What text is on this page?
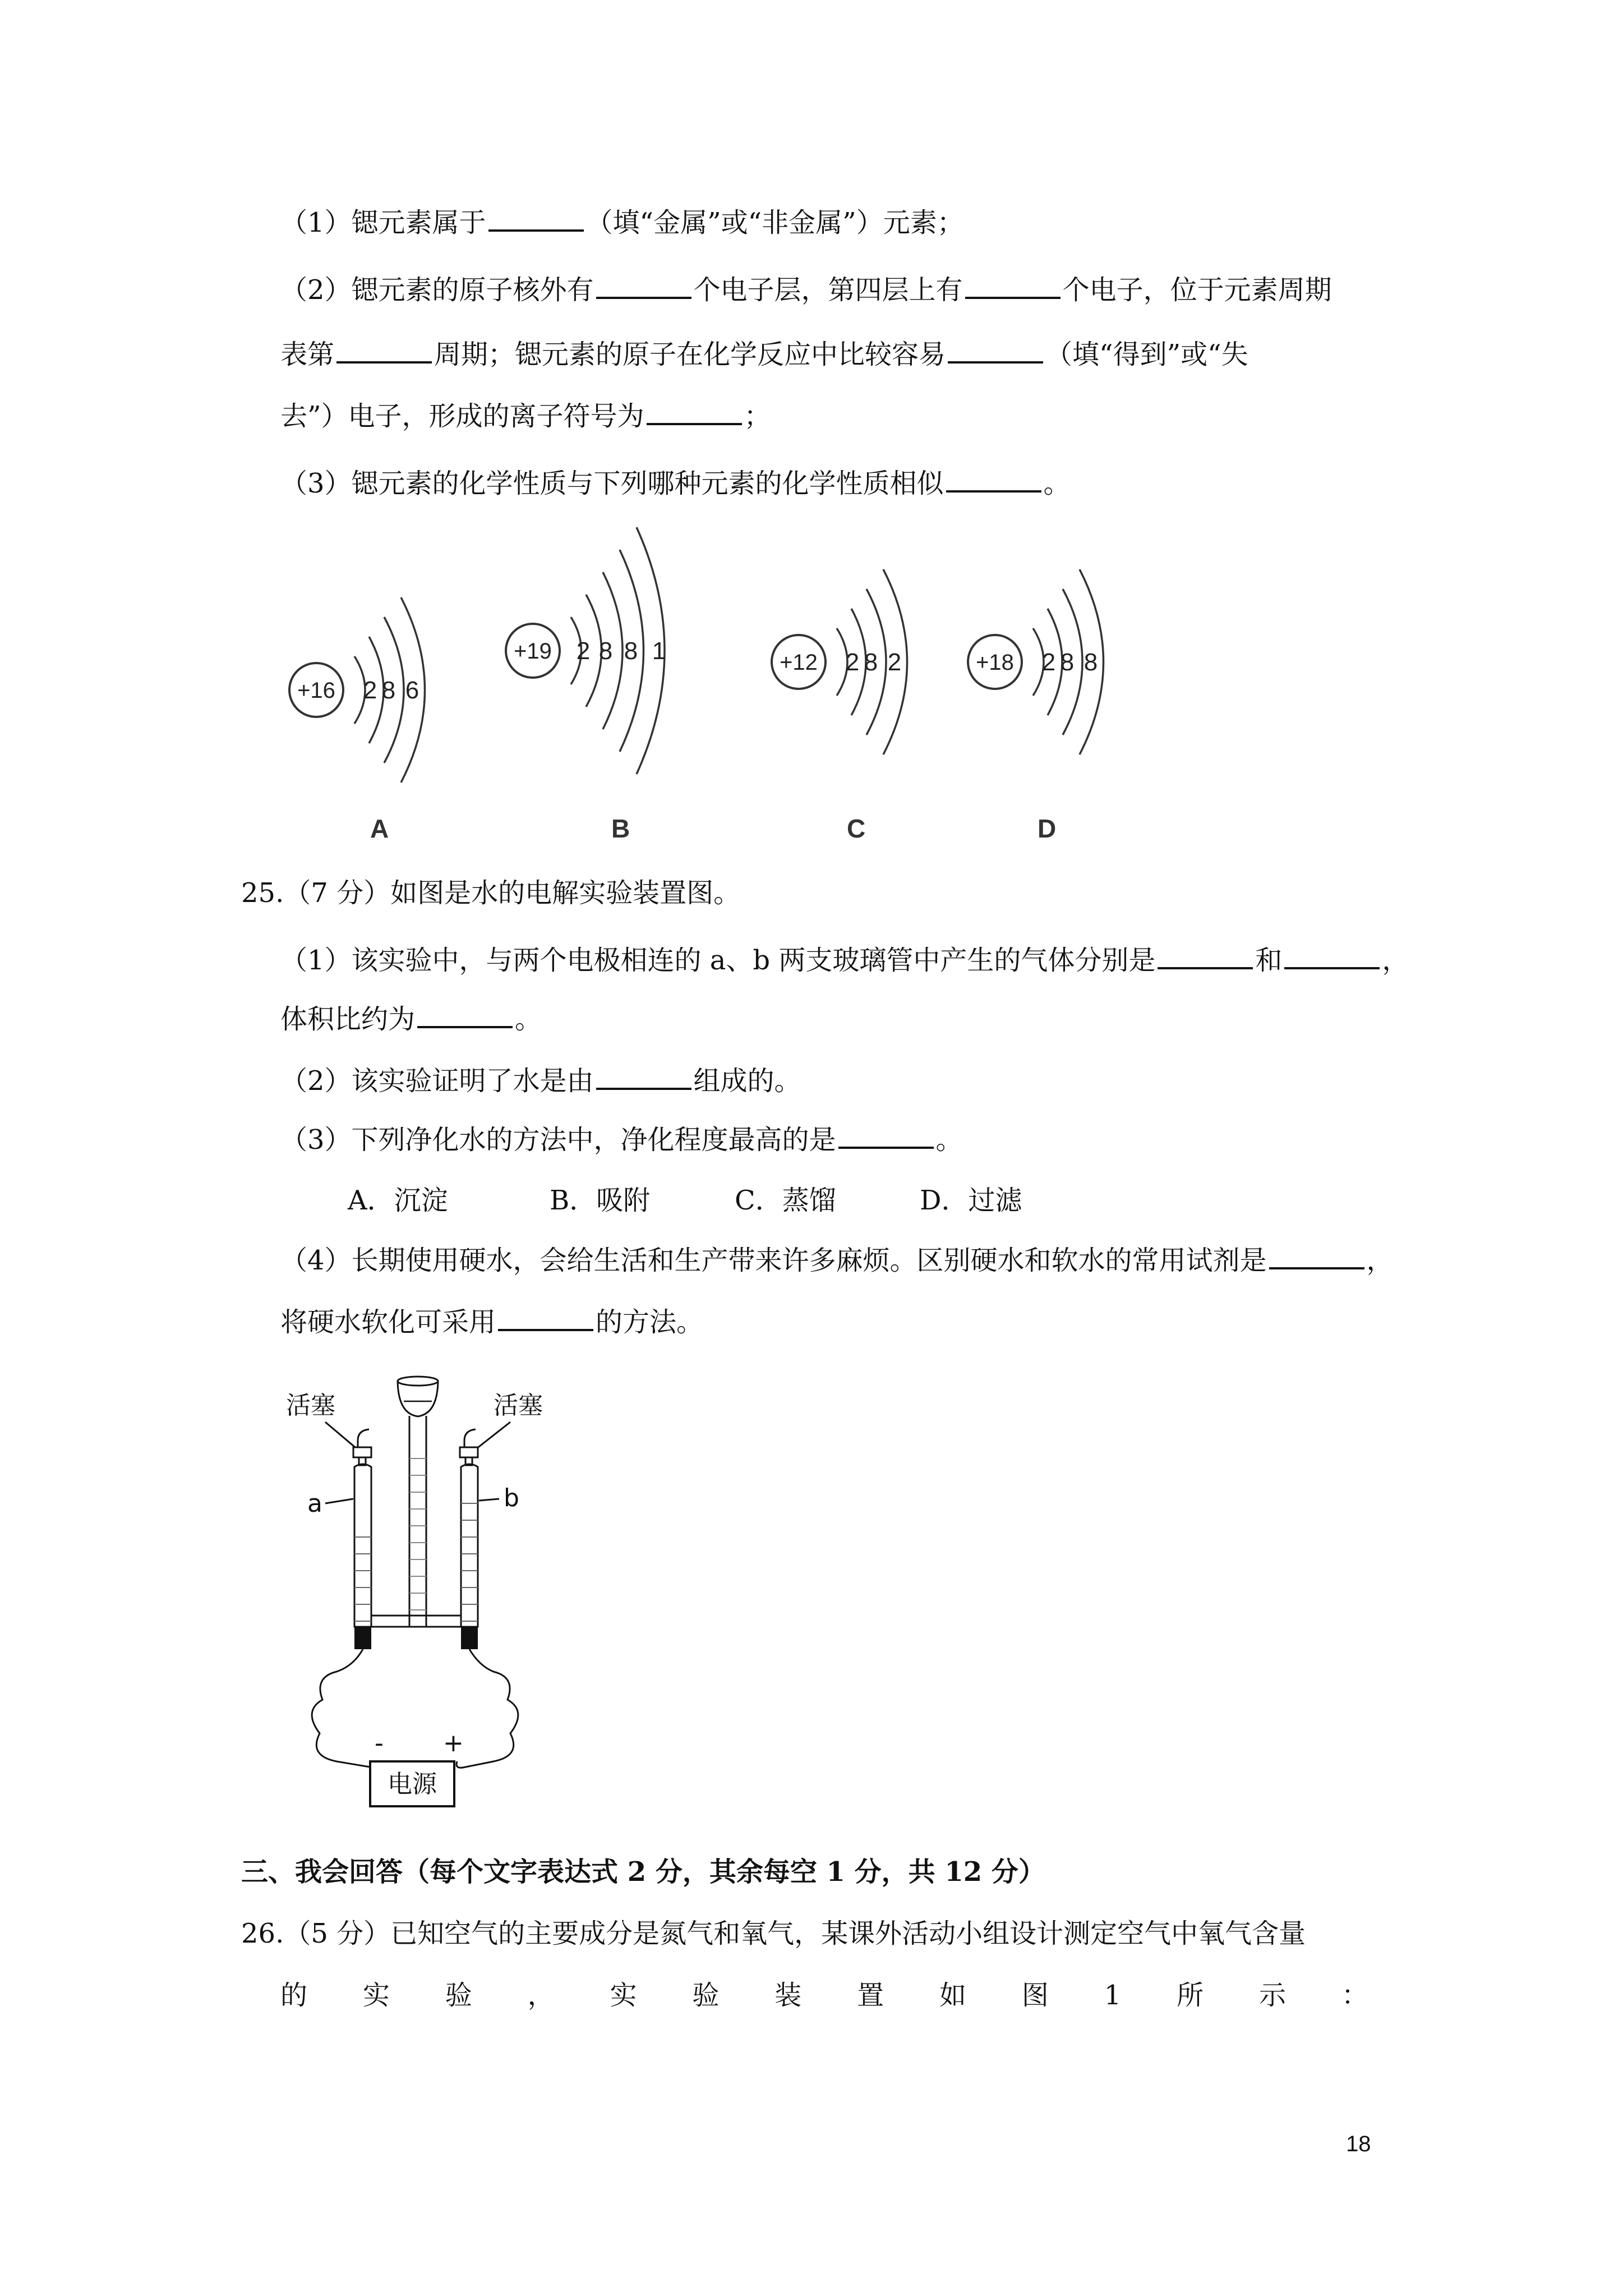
（1）锶元素属于	（填“金属”或“非金属”）元素；
（2）锶元素的原子核外有	个电子层，第四层上有	个电子，位于元素周期
表第	周期；锶元素的原子在化学反应中比较容易	（填“得到”或“失
去”）电子，形成的离子符号为	；
（3）锶元素的化学性质与下列哪种元素的化学性质相似	。
+16 2 8 6
A
+19 2 8 8 1
B
+12 2 8 2
C
+18 2 8 8
D
25.（7 分）如图是水的电解实验装置图。
（1）该实验中，与两个电极相连的 a、b 两支玻璃管中产生的气体分别是	和	，
体积比约为	。
（2）该实验证明了水是由	组成的。
（3）下列净化水的方法中，净化程度最高的是	。
A．沉淀	B．吸附	C．蒸馏	D．过滤
（4）长期使用硬水，会给生活和生产带来许多麻烦。区别硬水和软水的常用试剂是	，
将硬水软化可采用	的方法。
活塞	活塞
a	b
- +
电源
三、我会回答（每个文字表达式 2 分，其余每空 1 分，共 12 分）
26.（5 分）已知空气的主要成分是氮气和氧气，某课外活动小组设计测定空气中氧气含量
的 实 验 ， 实 验 装 置 如 图 1 所 示 ：
18
